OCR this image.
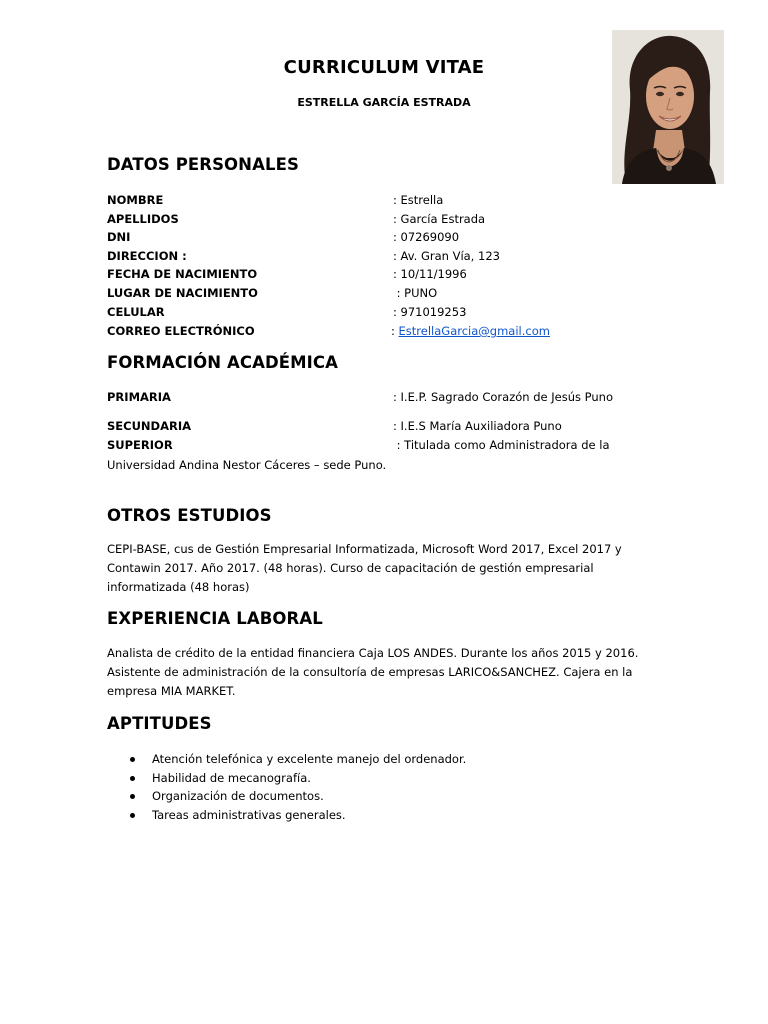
CURRICULUM VITAE
ESTRELLA GARCÍA ESTRADA
DATOS PERSONALES
NOMBRE	: Estrella
APELLIDOS	: García Estrada
DNI	: 07269090
DIRECCION :	: Av. Gran Vía, 123
FECHA DE NACIMIENTO	: 10/11/1996
LUGAR DE NACIMIENTO	: PUNO
CELULAR	: 971019253
CORREO ELECTRÓNICO	: EstrellaGarcia@gmail.com
FORMACIÓN ACADÉMICA
PRIMARIA	: I.E.P. Sagrado Corazón de Jesús Puno
SECUNDARIA	: I.E.S María Auxiliadora Puno
SUPERIOR	: Titulada como Administradora de la
Universidad Andina Nestor Cáceres – sede Puno.
OTROS ESTUDIOS

CEPI-BASE, cus de Gestión Empresarial Informatizada, Microsoft Word 2017, Excel 2017 y Contawin 2017. Año 2017. (48 horas). Curso de capacitación de gestión empresarial informatizada (48 horas)

EXPERIENCIA LABORAL

Analista de crédito de la entidad financiera Caja LOS ANDES. Durante los años 2015 y 2016. Asistente de administración de la consultoría de empresas LARICO&SANCHEZ. Cajera en la empresa MIA MARKET.

APTITUDES
Atención telefónica y excelente manejo del ordenador.
Habilidad de mecanografía.
Organización de documentos.
Tareas administrativas generales.
